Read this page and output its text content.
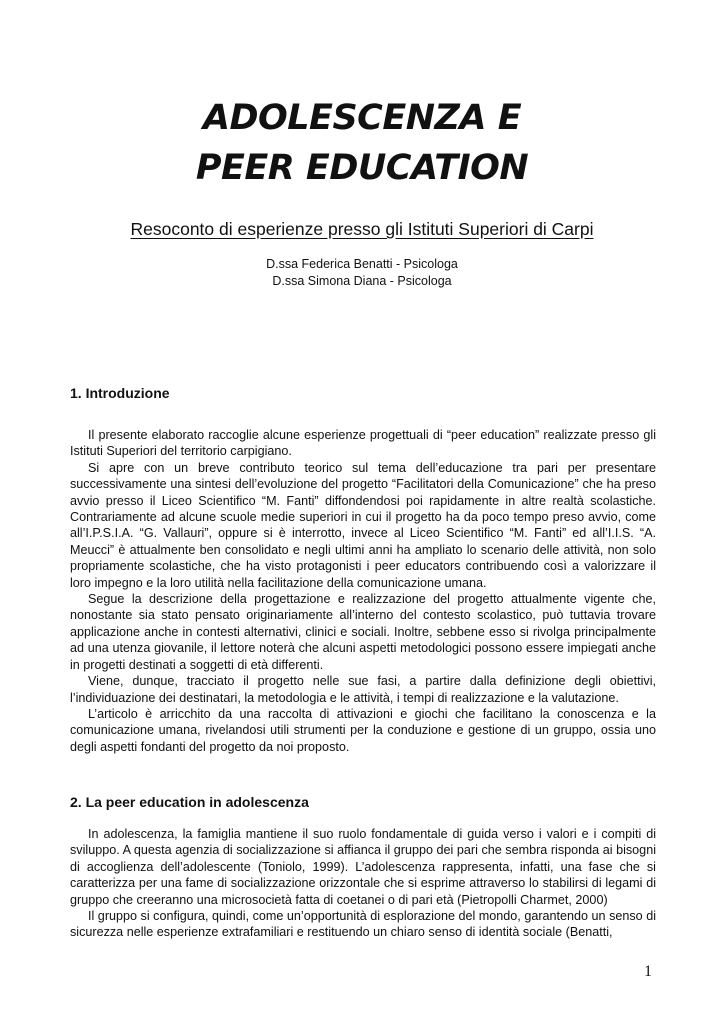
ADOLESCENZA E
PEER EDUCATION
Resoconto di esperienze presso gli Istituti Superiori di Carpi
D.ssa Federica Benatti - Psicologa
D.ssa Simona Diana - Psicologa
1. Introduzione

Il presente elaborato raccoglie alcune esperienze progettuali di “peer education” realizzate presso gli Istituti Superiori del territorio carpigiano.

Si apre con un breve contributo teorico sul tema dell’educazione tra pari per presentare successivamente una sintesi dell’evoluzione del progetto “Facilitatori della Comunicazione” che ha preso avvio presso il Liceo Scientifico “M. Fanti” diffondendosi poi rapidamente in altre realtà scolastiche. Contrariamente ad alcune scuole medie superiori in cui il progetto ha da poco tempo preso avvio, come all’I.P.S.I.A. “G. Vallauri”, oppure si è interrotto, invece al Liceo Scientifico “M. Fanti” ed all’I.I.S. “A. Meucci” è attualmente ben consolidato e negli ultimi anni ha ampliato lo scenario delle attività, non solo propriamente scolastiche, che ha visto protagonisti i peer educators contribuendo così a valorizzare il loro impegno e la loro utilità nella facilitazione della comunicazione umana.

Segue la descrizione della progettazione e realizzazione del progetto attualmente vigente che, nonostante sia stato pensato originariamente all’interno del contesto scolastico, può tuttavia trovare applicazione anche in contesti alternativi, clinici e sociali. Inoltre, sebbene esso si rivolga principalmente ad una utenza giovanile, il lettore noterà che alcuni aspetti metodologici possono essere impiegati anche in progetti destinati a soggetti di età differenti.

Viene, dunque, tracciato il progetto nelle sue fasi, a partire dalla definizione degli obiettivi, l’individuazione dei destinatari, la metodologia e le attività, i tempi di realizzazione e la valutazione.

L’articolo è arricchito da una raccolta di attivazioni e giochi che facilitano la conoscenza e la comunicazione umana, rivelandosi utili strumenti per la conduzione e gestione di un gruppo, ossia uno degli aspetti fondanti del progetto da noi proposto.

2. La peer education in adolescenza

In adolescenza, la famiglia mantiene il suo ruolo fondamentale di guida verso i valori e i compiti di sviluppo. A questa agenzia di socializzazione si affianca il gruppo dei pari che sembra risponda ai bisogni di accoglienza dell’adolescente (Toniolo, 1999). L’adolescenza rappresenta, infatti, una fase che si caratterizza per una fame di socializzazione orizzontale che si esprime attraverso lo stabilirsi di legami di gruppo che creeranno una microsocietà fatta di coetanei o di pari età (Pietropolli Charmet, 2000)

Il gruppo si configura, quindi, come un’opportunità di esplorazione del mondo, garantendo un senso di sicurezza nelle esperienze extrafamiliari e restituendo un chiaro senso di identità sociale (Benatti,

1
